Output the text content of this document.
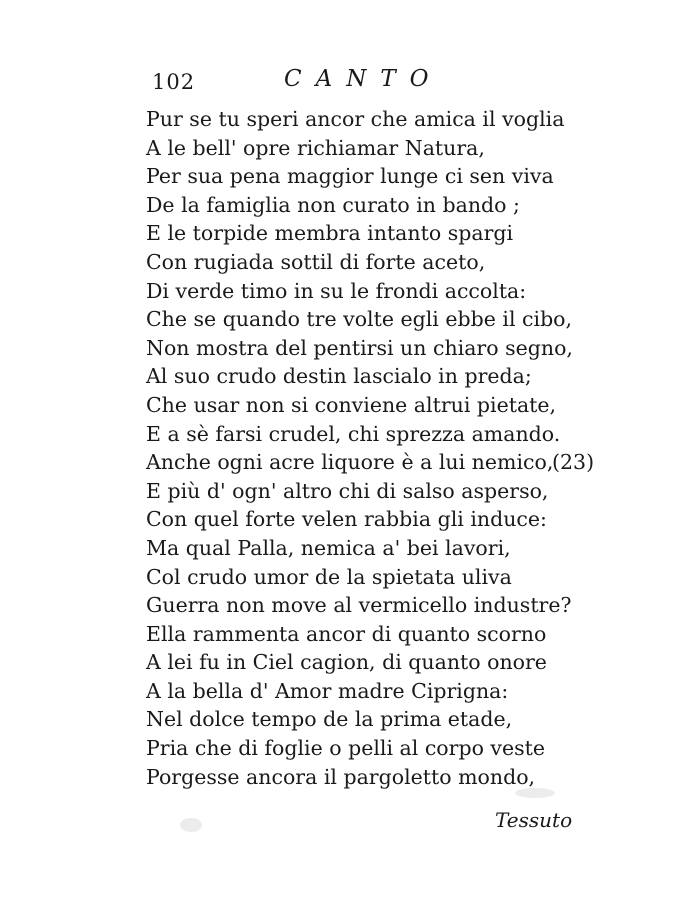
102	CANTO
Pur se tu speri ancor che amica il voglia
A le bell' opre richiamar Natura,
Per sua pena maggior lunge ci sen viva
De la famiglia non curato in bando ;
E le torpide membra intanto spargi
Con rugiada sottil di forte aceto,
Di verde timo in su le frondi accolta:
Che se quando tre volte egli ebbe il cibo,
Non mostra del pentirsi un chiaro segno,
Al suo crudo destin lascialo in preda;
Che usar non si conviene altrui pietate,
E a sè farsi crudel, chi sprezza amando.
Anche ogni acre liquore è a lui nemico,
(23)
E più d' ogn' altro chi di salso asperso,
Con quel forte velen rabbia gli induce:
Ma qual Palla, nemica a' bei lavori,
Col crudo umor de la spietata uliva
Guerra non move al vermicello industre?
Ella rammenta ancor di quanto scorno
A lei fu in Ciel cagion, di quanto onore
A la bella d' Amor madre Ciprigna:
Nel dolce tempo de la prima etade,
Pria che di foglie o pelli al corpo veste
Porgesse ancora il pargoletto mondo,
Tessuto
